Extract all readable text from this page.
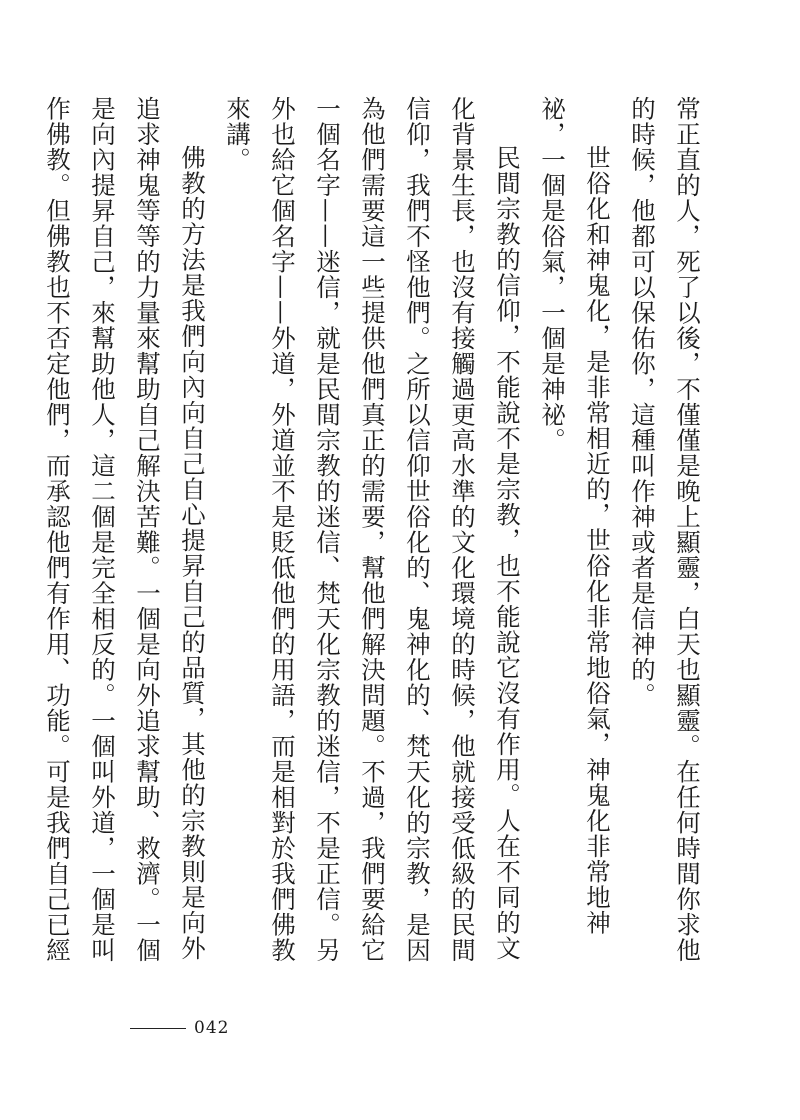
常正直的人，死了以後，不僅僅是晚上顯靈，白天也顯靈。在任何時間你求他

的時候，他都可以保佑你，這種叫作神或者是信神的。

世俗化和神鬼化，是非常相近的，世俗化非常地俗氣，神鬼化非常地神

祕，一個是俗氣，一個是神祕。

民間宗教的信仰，不能說不是宗教，也不能說它沒有作用。人在不同的文

化背景生長，也沒有接觸過更高水準的文化環境的時候，他就接受低級的民間

信仰，我們不怪他們。之所以信仰世俗化的、鬼神化的、梵天化的宗教，是因

為他們需要這一些提供他們真正的需要，幫他們解決問題。不過，我們要給它

一個名字——迷信，就是民間宗教的迷信、梵天化宗教的迷信，不是正信。另

外也給它個名字——外道，外道並不是貶低他們的用語，而是相對於我們佛教

來講。

佛教的方法是我們向內向自己自心提昇自己的品質，其他的宗教則是向外

追求神鬼等等的力量來幫助自己解決苦難。一個是向外追求幫助、救濟。一個

是向內提昇自己，來幫助他人，這二個是完全相反的。一個叫外道，一個是叫

作佛教。但佛教也不否定他們，而承認他們有作用、功能。可是我們自己已經

042
